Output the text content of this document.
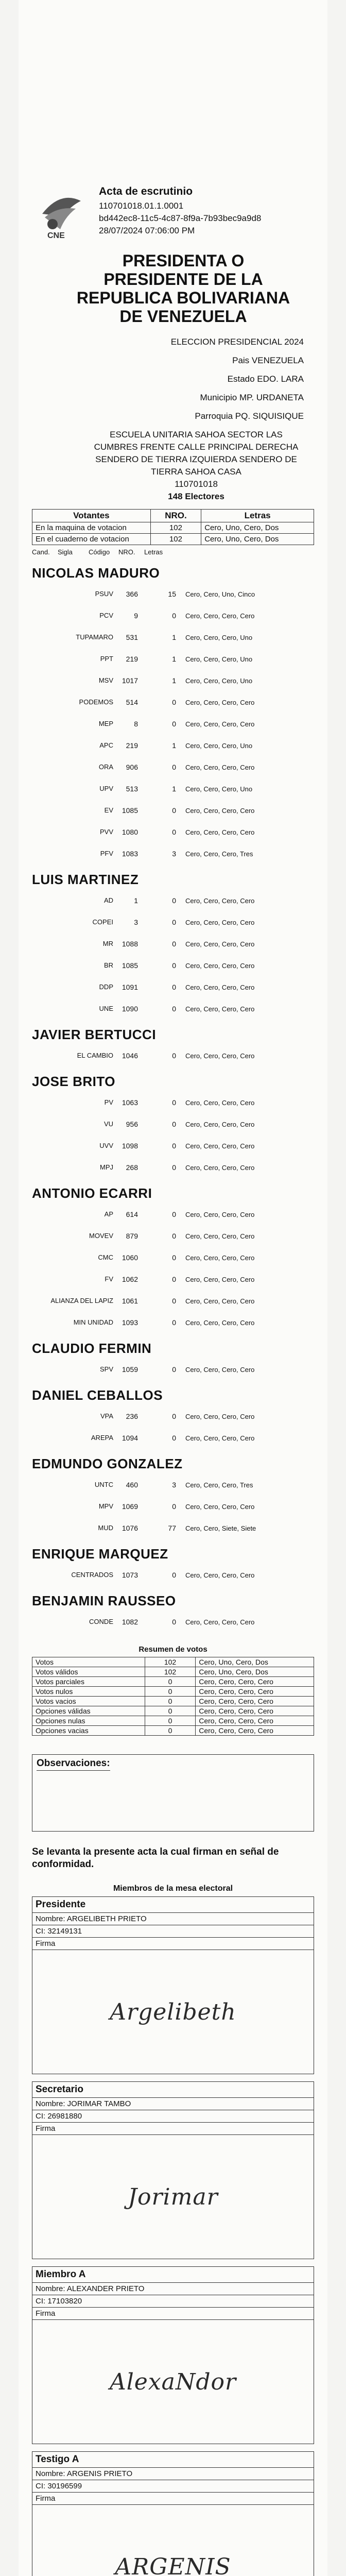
CNE
Acta de escrutinio
110701018.01.1.0001
bd442ec8-11c5-4c87-8f9a-7b93bec9a9d8
28/07/2024 07:06:00 PM
PRESIDENTA O PRESIDENTE DE LA REPUBLICA BOLIVARIANA DE VENEZUELA
ELECCION PRESIDENCIAL 2024
Pais VENEZUELA
Estado EDO. LARA
Municipio MP. URDANETA
Parroquia PQ. SIQUISIQUE
ESCUELA UNITARIA SAHOA SECTOR LAS CUMBRES FRENTE CALLE PRINCIPAL DERECHA SENDERO DE TIERRA IZQUIERDA SENDERO DE TIERRA SAHOA CASA
110701018
148 Electores
Votantes	NRO.	Letras
En la maquina de votacion	102	Cero, Uno, Cero, Dos
En el cuaderno de votacion	102	Cero, Uno, Cero, Dos
Cand.	Sigla	Código	NRO.	Letras
NICOLAS MADURO
PSUV	366	15	Cero, Cero, Uno, Cinco
PCV	9	0	Cero, Cero, Cero, Cero
TUPAMARO	531	1	Cero, Cero, Cero, Uno
PPT	219	1	Cero, Cero, Cero, Uno
MSV	1017	1	Cero, Cero, Cero, Uno
PODEMOS	514	0	Cero, Cero, Cero, Cero
MEP	8	0	Cero, Cero, Cero, Cero
APC	219	1	Cero, Cero, Cero, Uno
ORA	906	0	Cero, Cero, Cero, Cero
UPV	513	1	Cero, Cero, Cero, Uno
EV	1085	0	Cero, Cero, Cero, Cero
PVV	1080	0	Cero, Cero, Cero, Cero
PFV	1083	3	Cero, Cero, Cero, Tres
LUIS MARTINEZ
AD	1	0	Cero, Cero, Cero, Cero
COPEI	3	0	Cero, Cero, Cero, Cero
MR	1088	0	Cero, Cero, Cero, Cero
BR	1085	0	Cero, Cero, Cero, Cero
DDP	1091	0	Cero, Cero, Cero, Cero
UNE	1090	0	Cero, Cero, Cero, Cero
JAVIER BERTUCCI
EL CAMBIO	1046	0	Cero, Cero, Cero, Cero
JOSE BRITO
PV	1063	0	Cero, Cero, Cero, Cero
VU	956	0	Cero, Cero, Cero, Cero
UVV	1098	0	Cero, Cero, Cero, Cero
MPJ	268	0	Cero, Cero, Cero, Cero
ANTONIO ECARRI
AP	614	0	Cero, Cero, Cero, Cero
MOVEV	879	0	Cero, Cero, Cero, Cero
CMC	1060	0	Cero, Cero, Cero, Cero
FV	1062	0	Cero, Cero, Cero, Cero
ALIANZA DEL LAPIZ	1061	0	Cero, Cero, Cero, Cero
MIN UNIDAD	1093	0	Cero, Cero, Cero, Cero
CLAUDIO FERMIN
SPV	1059	0	Cero, Cero, Cero, Cero
DANIEL CEBALLOS
VPA	236	0	Cero, Cero, Cero, Cero
AREPA	1094	0	Cero, Cero, Cero, Cero
EDMUNDO GONZALEZ
UNTC	460	3	Cero, Cero, Cero, Tres
MPV	1069	0	Cero, Cero, Cero, Cero
MUD	1076	77	Cero, Cero, Siete, Siete
ENRIQUE MARQUEZ
CENTRADOS	1073	0	Cero, Cero, Cero, Cero
BENJAMIN RAUSSEO
CONDE	1082	0	Cero, Cero, Cero, Cero
Resumen de votos
Votos	102	Cero, Uno, Cero, Dos
Votos válidos	102	Cero, Uno, Cero, Dos
Votos parciales	0	Cero, Cero, Cero, Cero
Votos nulos	0	Cero, Cero, Cero, Cero
Votos vacios	0	Cero, Cero, Cero, Cero
Opciones válidas	0	Cero, Cero, Cero, Cero
Opciones nulas	0	Cero, Cero, Cero, Cero
Opciones vacias	0	Cero, Cero, Cero, Cero
Observaciones:
Se levanta la presente acta la cual firman en señal de conformidad.
Miembros de la mesa electoral
Presidente
Nombre: ARGELIBETH PRIETO
CI: 32149131
Firma
Argelibeth
Secretario
Nombre: JORIMAR TAMBO
CI: 26981880
Firma
Jorimar
Miembro A
Nombre: ALEXANDER PRIETO
CI: 17103820
Firma
AlexaNdor
Testigo A
Nombre: ARGENIS PRIETO
CI: 30196599
Firma
ARGENIS
